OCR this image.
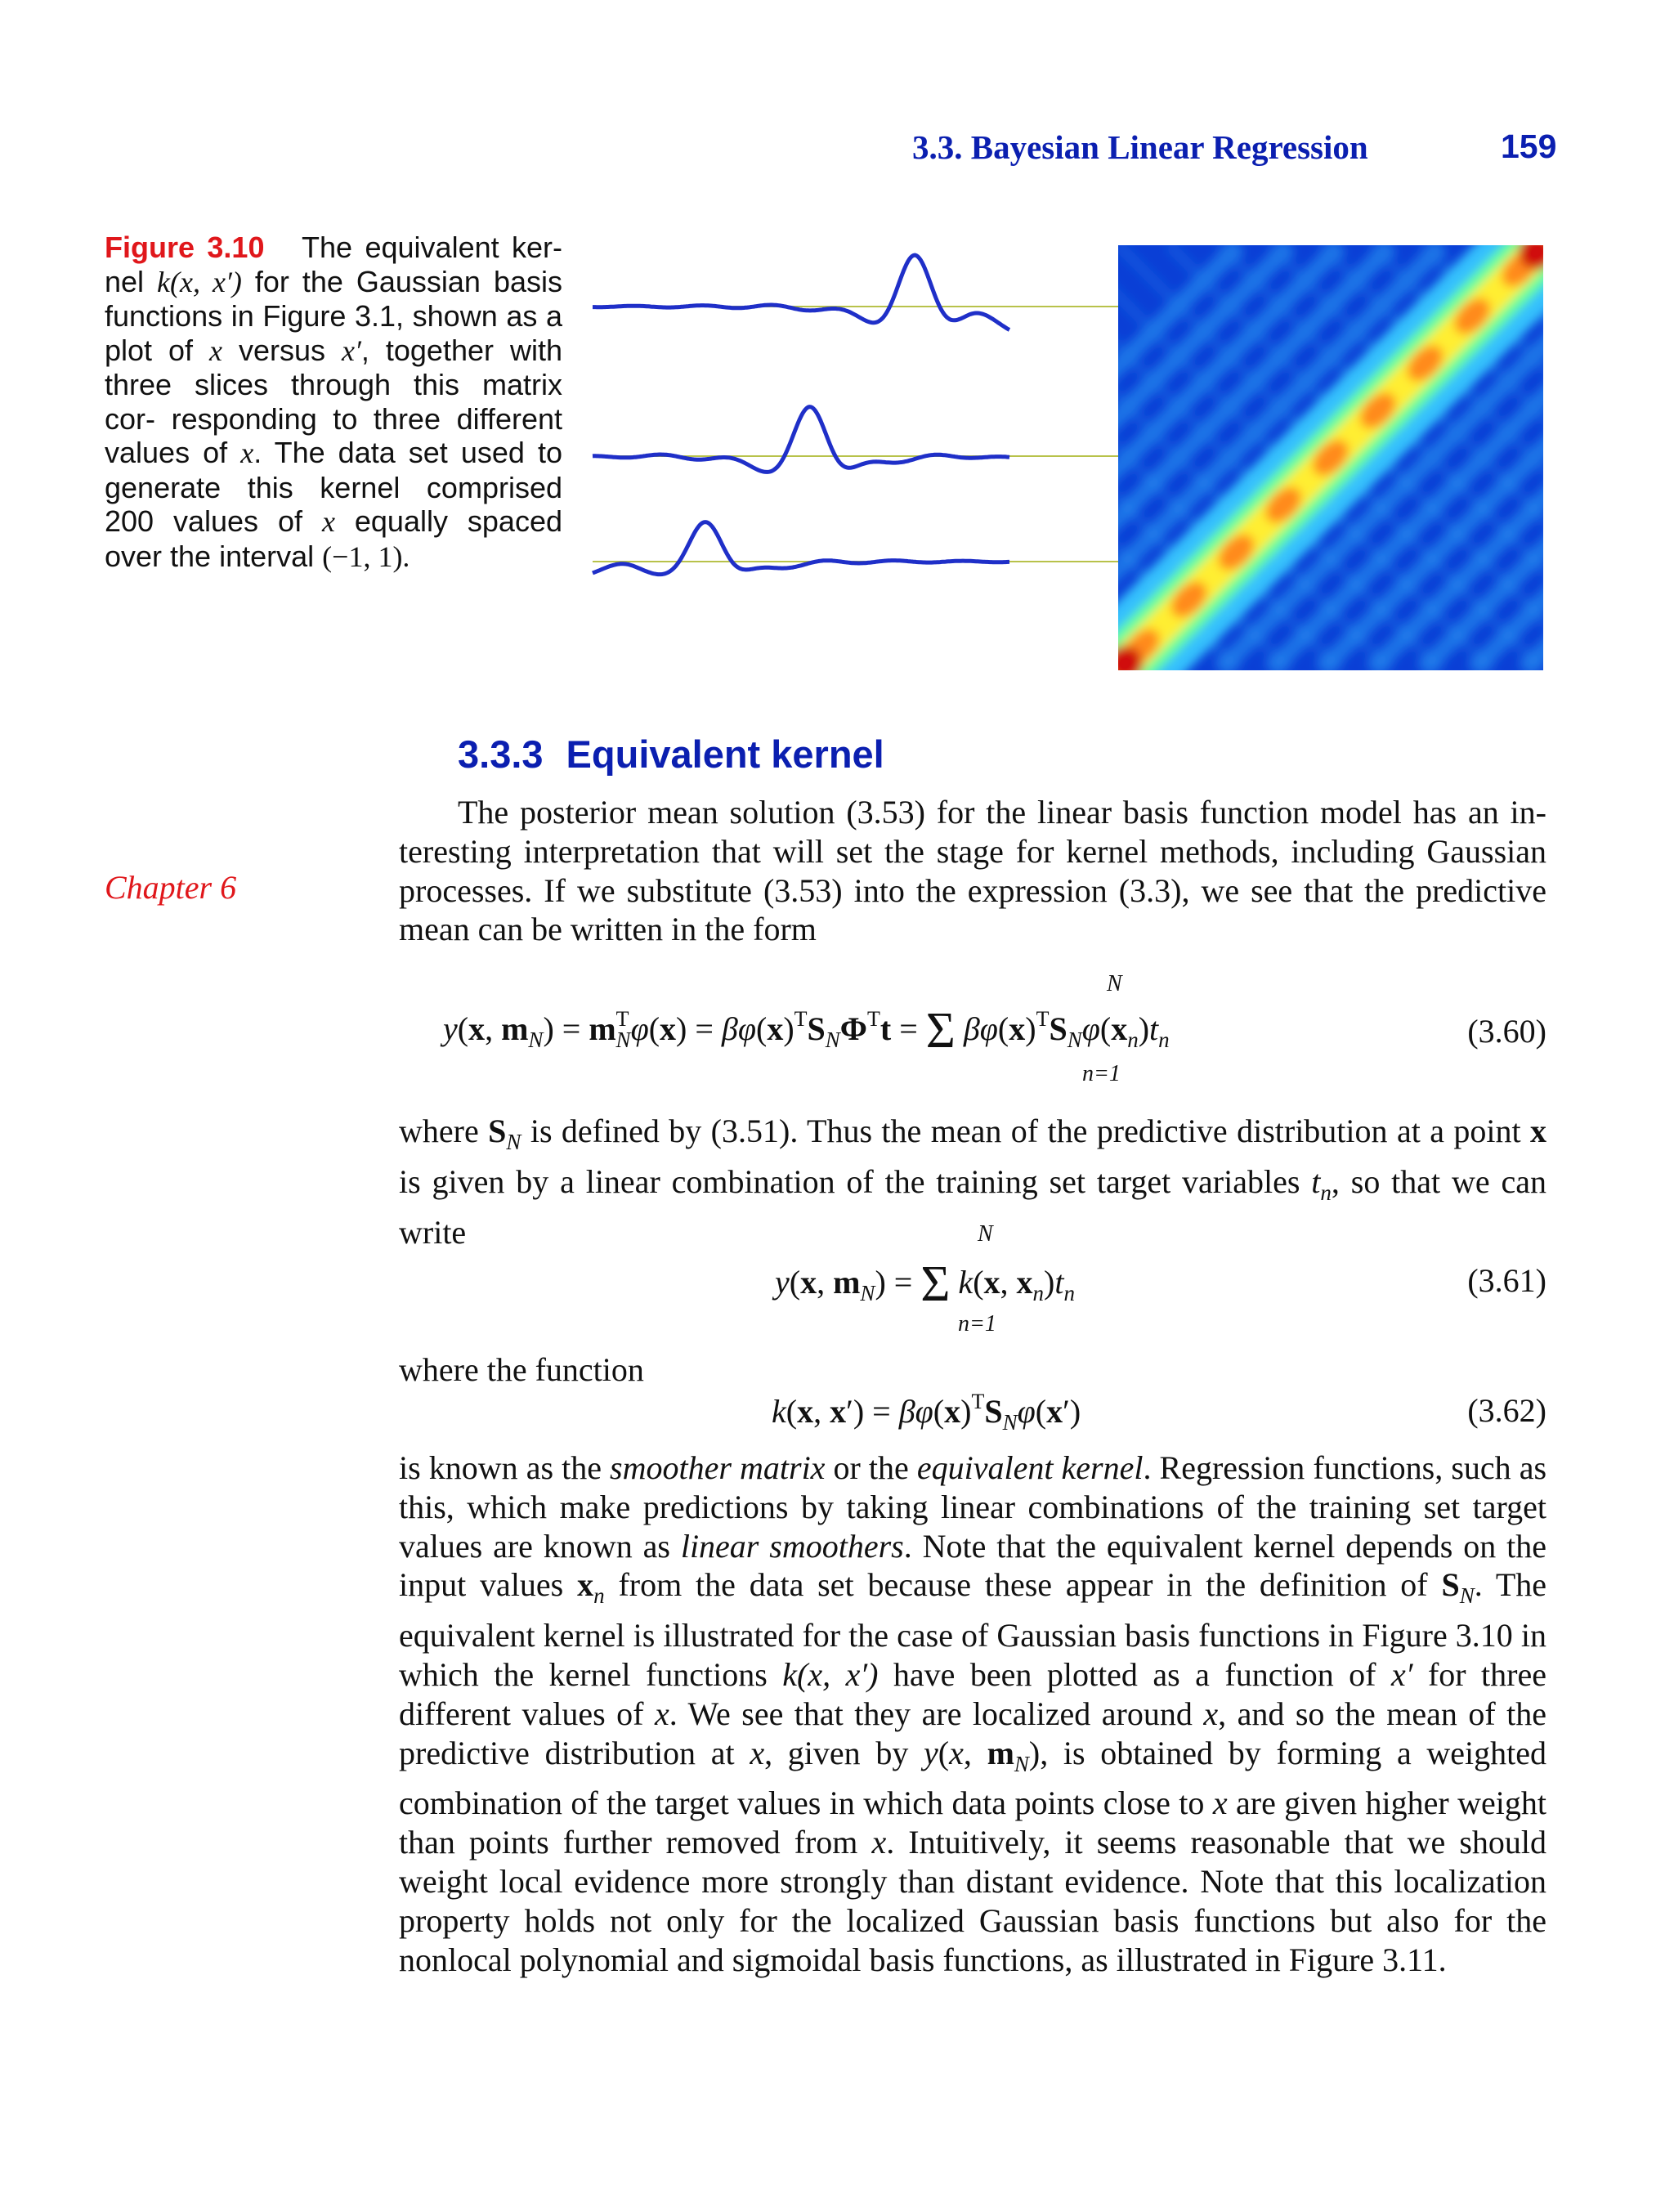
3.3. Bayesian Linear Regression	159
Figure 3.10 The equivalent ker- nel k(x, x′) for the Gaussian basis functions in Figure 3.1, shown as a plot of x versus x′, together with three slices through this matrix cor- responding to three different values of x. The data set used to generate this kernel comprised 200 values of x equally spaced over the interval (−1, 1).
3.3.3 Equivalent kernel
Chapter 6

The posterior mean solution (3.53) for the linear basis function model has an in- teresting interpretation that will set the stage for kernel methods, including Gaussian processes. If we substitute (3.53) into the expression (3.3), we see that the predictive mean can be written in the form

N
y(x, $m_N) = m^T_N\varphi(x) = \beta\varphi(x)^TS_N\Phi^Tt = \Sigma$ $\beta\varphi(x)^TS_N\varphi(x_n)t_n$
n=1
(3.60)

where $S_N$ is defined by (3.51). Thus the mean of the predictive distribution at a point x is given by a linear combination of the training set target variables $t_n$, so that we can write	N
y(x, $m_N) = \Sigma$ k(x, $x_n)t_n$
n=1
(3.61)

where the function

k(x, $x') = \beta\varphi(x)^TS_N\varphi(x')$	(3.62)

is known as the smoother matrix or the equivalent kernel. Regression functions, such as this, which make predictions by taking linear combinations of the training set target values are known as linear smoothers. Note that the equivalent kernel depends on the input values $x_n$ from the data set because these appear in the definition of $S_N$. The equivalent kernel is illustrated for the case of Gaussian basis functions in Figure 3.10 in which the kernel functions k(x, x′) have been plotted as a function of x′ for three different values of x. We see that they are localized around x, and so the mean of the predictive distribution at x, given by y(x, $m_N$), is obtained by forming a weighted combination of the target values in which data points close to x are given higher weight than points further removed from x. Intuitively, it seems reasonable that we should weight local evidence more strongly than distant evidence. Note that this localization property holds not only for the localized Gaussian basis functions but also for the nonlocal polynomial and sigmoidal basis functions, as illustrated in Figure 3.11.
